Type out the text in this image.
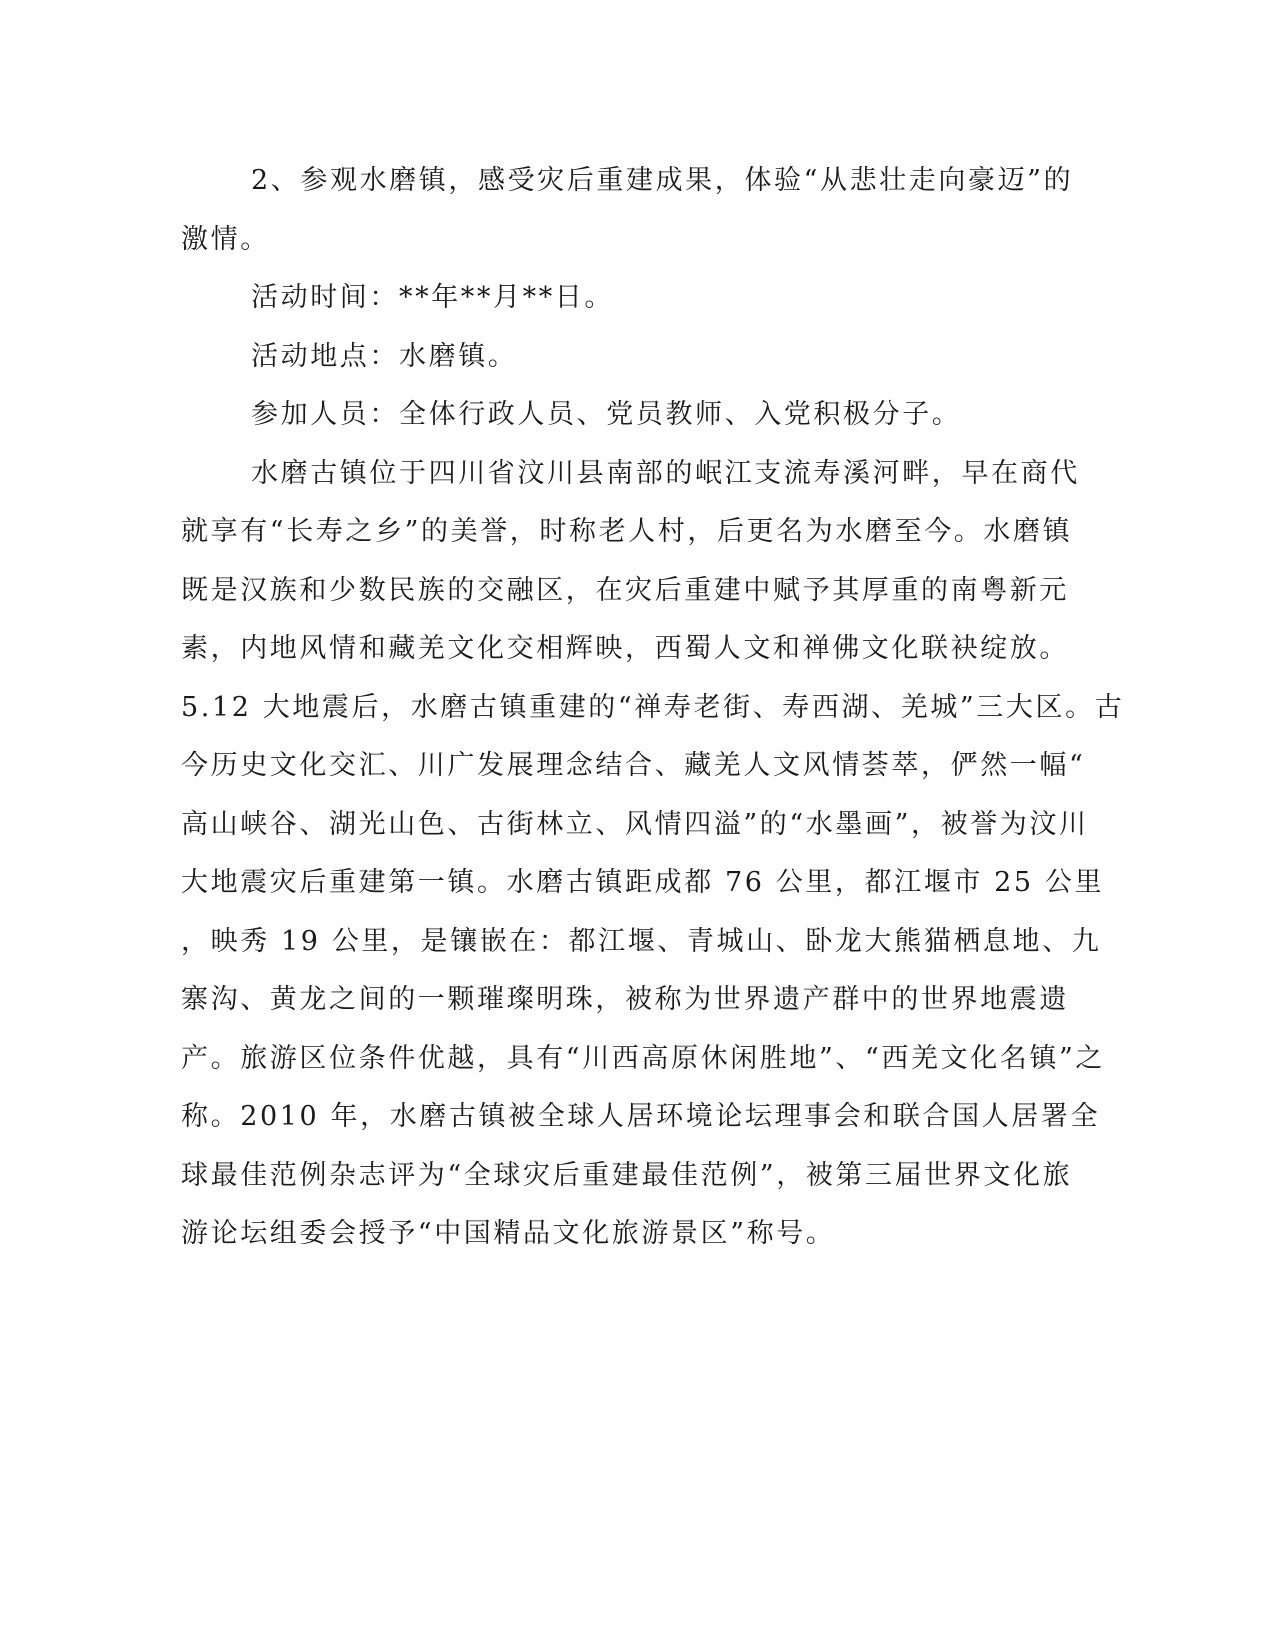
2、参观水磨镇，感受灾后重建成果，体验“从悲壮走向豪迈”的
激情。
活动时间：**年**月**日。
活动地点：水磨镇。
参加人员：全体行政人员、党员教师、入党积极分子。
水磨古镇位于四川省汶川县南部的岷江支流寿溪河畔，早在商代
就享有“长寿之乡”的美誉，时称老人村，后更名为水磨至今。水磨镇
既是汉族和少数民族的交融区，在灾后重建中赋予其厚重的南粤新元
素，内地风情和藏羌文化交相辉映，西蜀人文和禅佛文化联袂绽放。
5.12 大地震后，水磨古镇重建的“禅寿老街、寿西湖、羌城”三大区。古
今历史文化交汇、川广发展理念结合、藏羌人文风情荟萃，俨然一幅“
高山峡谷、湖光山色、古街林立、风情四溢”的“水墨画”，被誉为汶川
大地震灾后重建第一镇。水磨古镇距成都 76 公里，都江堰市 25 公里
，映秀 19 公里，是镶嵌在：都江堰、青城山、卧龙大熊猫栖息地、九
寨沟、黄龙之间的一颗璀璨明珠，被称为世界遗产群中的世界地震遗
产。旅游区位条件优越，具有“川西高原休闲胜地”、“西羌文化名镇”之
称。2010 年，水磨古镇被全球人居环境论坛理事会和联合国人居署全
球最佳范例杂志评为“全球灾后重建最佳范例”，被第三届世界文化旅
游论坛组委会授予“中国精品文化旅游景区”称号。
